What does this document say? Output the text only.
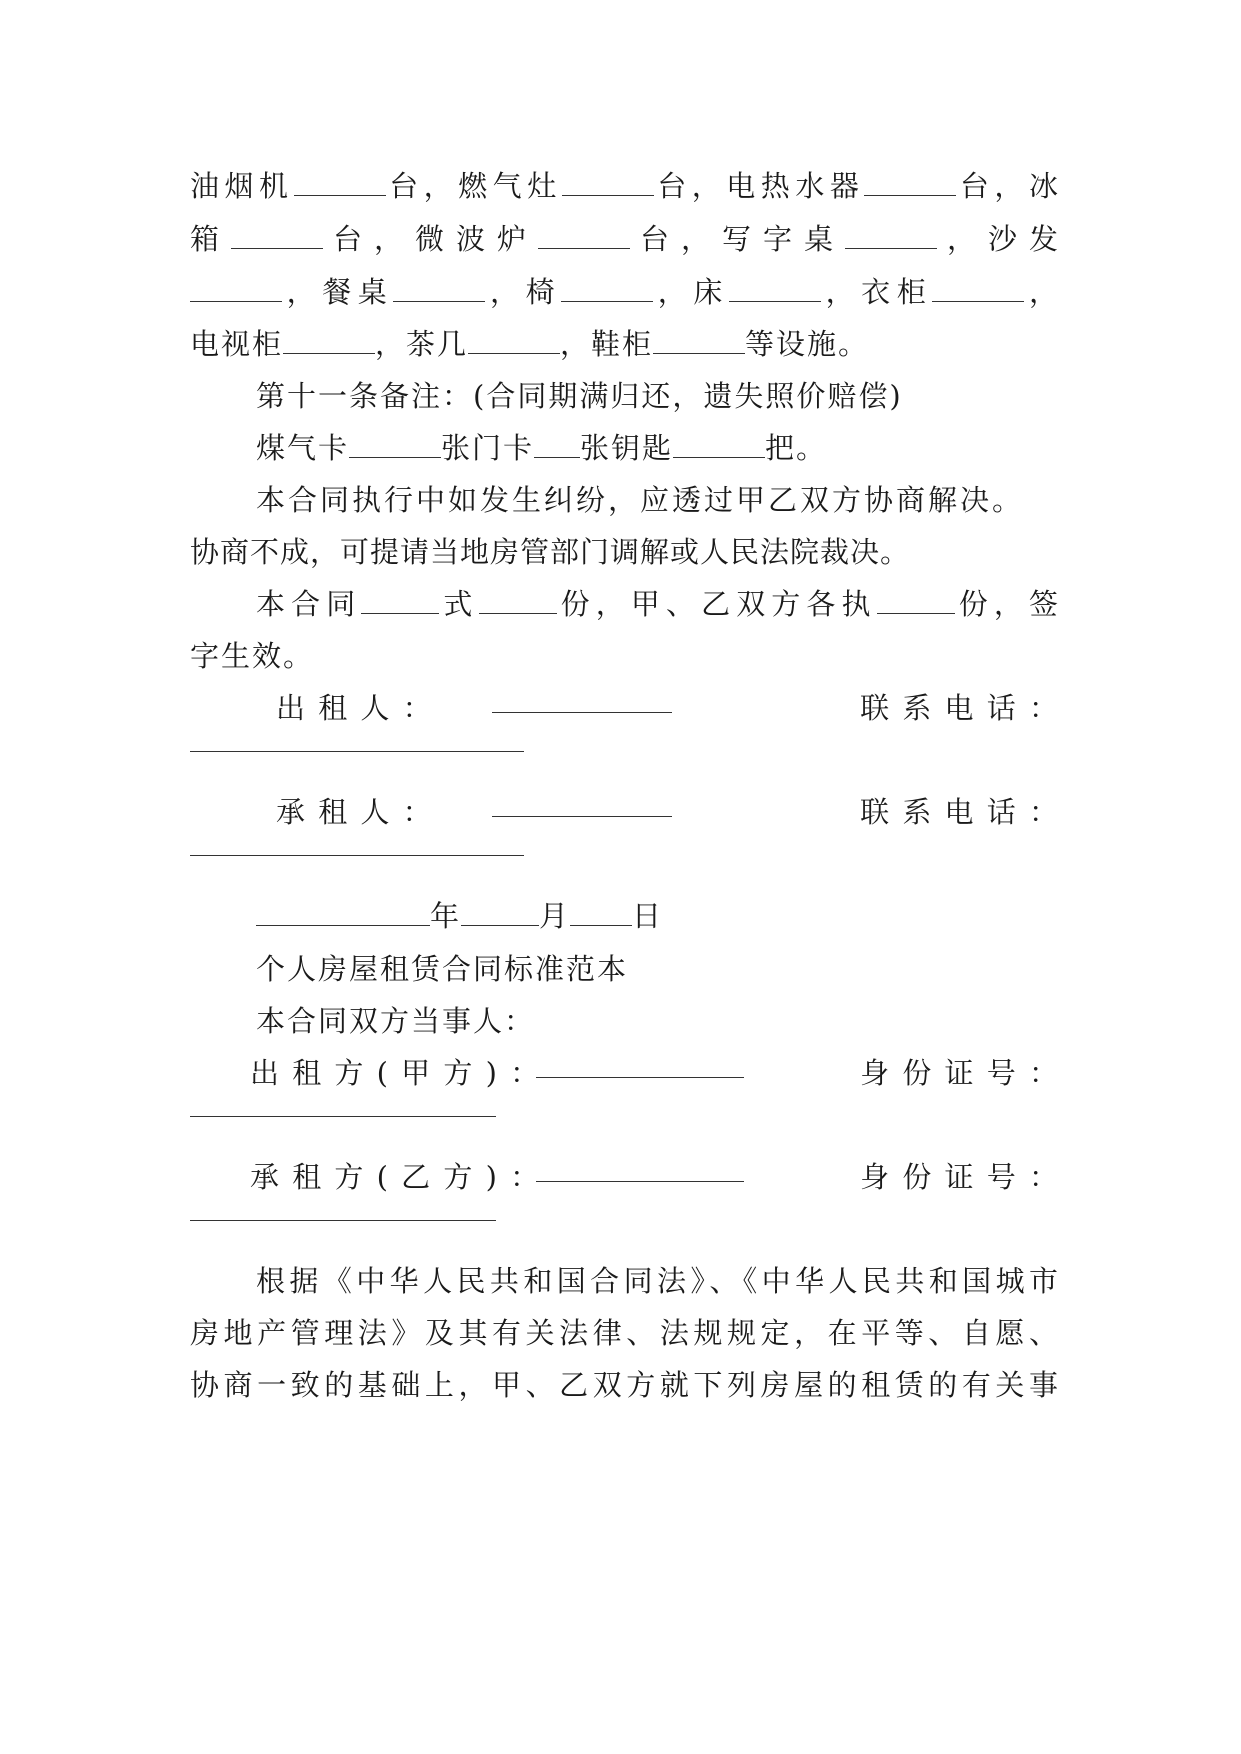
油烟机	台，燃气灶	台，电热水器	台，冰
箱	台，微波炉	台，写字桌	，沙发
，餐桌	，椅	，床	，衣柜	，
电视柜	，茶几	，鞋柜	等设施。
第十一条备注：(合同期满归还，遗失照价赔偿)
煤气卡	张门卡 张钥匙	把。
本合同执行中如发生纠纷，应透过甲乙双方协商解决。
协商不成，可提请当地房管部门调解或人民法院裁决。
本合同	式	份，甲、乙双方各执	份，签
字生效。
出 租 人 ：	联 系 电 话 ：
承 租 人 ：	联 系 电 话 ：
年	月 日
个人房屋租赁合同标准范本
本合同双方当事人：
出 租 方 ( 甲 方 ) ：	身 份 证 号 ：
承 租 方 ( 乙 方 ) ：	身 份 证 号 ：
根据《中华人民共和国合同法》、《中华人民共和国城市
房地产管理法》及其有关法律、法规规定，在平等、自愿、
协商一致的基础上，甲、乙双方就下列房屋的租赁的有关事
